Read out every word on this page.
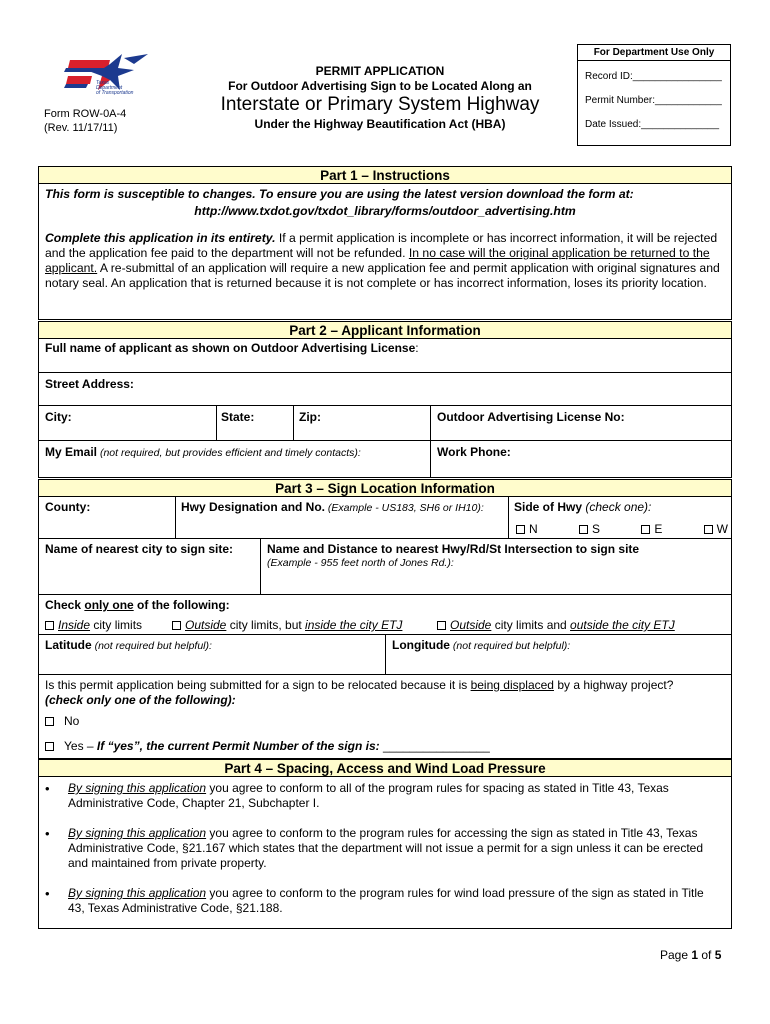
Texas
Department
of Transportation
Form ROW-0A-4
(Rev. 11/17/11)
PERMIT APPLICATION
For Outdoor Advertising Sign to be Located Along an
Interstate or Primary System Highway
Under the Highway Beautification Act (HBA)
For Department Use Only
Record ID:________________
Permit Number:____________
Date Issued:______________
Part 1 – Instructions
This form is susceptible to changes. To ensure you are using the latest version download the form at:
http://www.txdot.gov/txdot_library/forms/outdoor_advertising.htm

Complete this application in its entirety. If a permit application is incomplete or has incorrect information, it will be rejected and the application fee paid to the department will not be refunded. In no case will the original application be returned to the applicant. A re-submittal of an application will require a new application fee and permit application with original signatures and notary seal. An application that is returned because it is not complete or has incorrect information, loses its priority location.

Part 2 – Applicant Information
Full name of applicant as shown on Outdoor Advertising License:
Street Address:
City:	State:	Zip:	Outdoor Advertising License No:
My Email (not required, but provides efficient and timely contacts):	Work Phone:
Part 3 – Sign Location Information
County:	Hwy Designation and No. (Example - US183, SH6 or IH10):	Side of Hwy (check one):
N	S	E	W
Name of nearest city to sign site:	Name and Distance to nearest Hwy/Rd/St Intersection to sign site
(Example - 955 feet north of Jones Rd.):
Check only one of the following:
Inside city limits	Outside city limits, but inside the city ETJ	Outside city limits and outside the city ETJ
Latitude (not required but helpful):	Longitude (not required but helpful):
Is this permit application being submitted for a sign to be relocated because it is being displaced by a highway project?
(check only one of the following):
No
Yes – If “yes”, the current Permit Number of the sign is: ________________
Part 4 – Spacing, Access and Wind Load Pressure
• By signing this application you agree to conform to all of the program rules for spacing as stated in Title 43, Texas Administrative Code, Chapter 21, Subchapter I.

• By signing this application you agree to conform to the program rules for accessing the sign as stated in Title 43, Texas Administrative Code, §21.167 which states that the department will not issue a permit for a sign unless it can be erected and maintained from private property.

• By signing this application you agree to conform to the program rules for wind load pressure of the sign as stated in Title 43, Texas Administrative Code, §21.188.

Page 1 of 5
